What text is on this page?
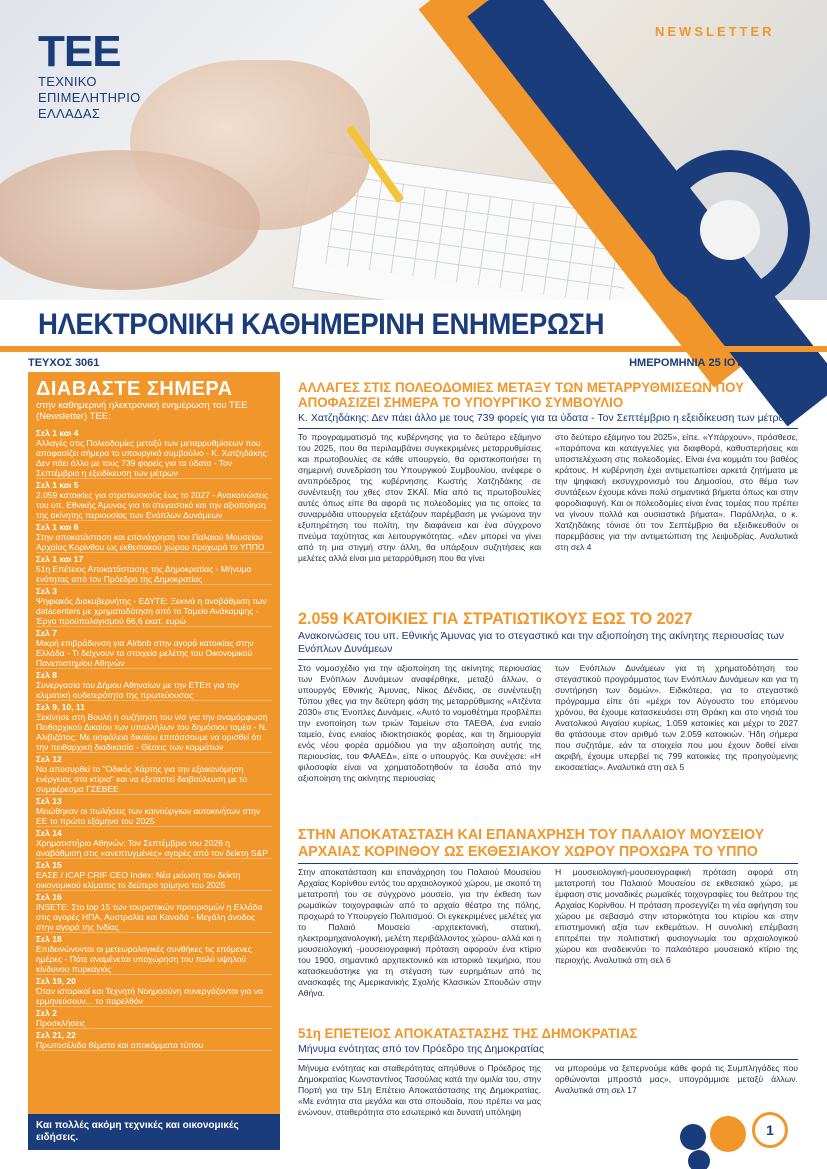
NEWSLETTER
TEE
ΤΕΧΝΙΚΟ
ΕΠΙΜΕΛΗΤΗΡΙΟ
ΕΛΛΑΔΑΣ
ΗΛΕΚΤΡΟΝΙΚΗ ΚΑΘΗΜΕΡΙΝΗ ΕΝΗΜΕΡΩΣΗ
ΤΕΥΧΟΣ 3061	ΗΜΕΡΟΜΗΝΙΑ 25 ΙΟΥΛΙΟΥ 2025
ΔΙΑΒΑΣΤΕ ΣΗΜΕΡΑ
στην καθημερινή ηλεκτρονική ενημέρωση του ΤΕΕ (Newsletter) ΤΕΕ:
Σελ 1 και 4
Αλλαγές στις Πολεοδομίες μεταξύ των μεταρρυθμίσεων που αποφασίζει σήμερα το υπουργικό συμβούλιο - Κ. Χατζηδάκης: Δεν πάει άλλο με τους 739 φορείς για τα ύδατα - Τον Σεπτέμβριο η εξειδίκευση των μέτρων
Σελ 1 και 5
2.059 κατοικίες για στρατιωτικούς έως το 2027 - Ανακοινώσεις του υπ. Εθνικής Άμυνας για το στεγαστικό και την αξιοποίηση της ακίνητης περιουσίας των Ενόπλων Δυνάμεων
Σελ 1 και 6
Στην αποκατάσταση και επανάχρηση του Παλαιού Μουσείου Αρχαίας Κορίνθου ως εκθεσιακού χώρου προχωρά το ΥΠΠΟ
Σελ 1 και 17
51η Επέτειος Αποκατάστασης της Δημοκρατίας - Μήνυμα ενότητας από τον Πρόεδρο της Δημοκρατίας
Σελ 3
Ψηφιακός Διακυβερνήτης - ΕΔΥΤΕ: Ξεκινά η αναβάθμιση των datacenters με χρηματοδότηση από το Ταμείο Ανάκαμψης - Έργο προϋπολογισμού 66,6 εκατ. ευρώ
Σελ 7
Μικρή επιβράδυνση για Airbnb στην αγορά κατοικίας στην Ελλάδα - Τι δείχνουν τα στοιχεία μελέτης του Οικονομικού Πανεπιστημίου Αθηνών
Σελ 8
Συνεργασία του Δήμου Αθηναίων με την ΕΤΕπ για την κλιματική ουδετερότητα της πρωτεύουσας
Σελ 9, 10, 11
Ξεκίνησε στη Βουλή η συζήτηση του ν/σ για την αναμόρφωση Πειθαρχικού Δικαίου των υπαλλήλων του δημόσιου τομέα - Ν. Αλιβιζάτος: Με ασφάλεια δικαίου επιτάσσουμε να ορισθεί ότι την πειθαρχική διαδικασία - Θέσεις των κομμάτων
Σελ 12
Να αποσυρθεί το "Οδικός Χάρτης για την εξοικονόμηση ενέργειας στα κτίρια" και να εξεταστεί διαβούλευση με το συμφέρεσμα ΓΣΕΒΕΕ
Σελ 13
Μειώθηκαν οι πωλήσεις των καινούργιων αυτοκινήτων στην ΕΕ το πρώτο εξάμηνο του 2025
Σελ 14
Χρηματιστήριο Αθηνών: Τον Σεπτέμβριο του 2026 η αναβάθμιση στις «ανεπτυγμένες» αγορές από τον δείκτη S&P
Σελ 15
ΕΑΣΕ / ICAP CRIF CEO Index: Νέα μείωση του δείκτη οικονομικού κλίματος το δεύτερο τρίμηνο του 2025
Σελ 16
INSETE: Στο top 15 των τουριστικών προορισμών η Ελλάδα στις αγορές ΗΠΑ, Αυστραλία και Καναδά - Μεγάλη άνοδος στην αγορά της Ινδίας
Σελ 18
Επιδεινώνονται οι μετεωρολογικές συνθήκες τις επόμενες ημέρες - Πότε αναμένεται υποχώρηση του πολύ υψηλού κίνδυνου πυρκαγιάς
Σελ 19, 20
Όταν ιστορικοί και Τεχνητή Νοημοσύνη συνεργάζονται για να ερμηνεύσουν... το παρελθόν
Σελ 2
Προσκλήσεις
Σελ 21, 22
Πρωτοσέλιδα θέματα και αποκόμματα τύπου
Και πολλές ακόμη τεχνικές και οικονομικές ειδήσεις.
ΑΛΛΑΓΕΣ ΣΤΙΣ ΠΟΛΕΟΔΟΜΙΕΣ ΜΕΤΑΞΥ ΤΩΝ ΜΕΤΑΡΡΥΘΜΙΣΕΩΝ ΠΟΥ ΑΠΟΦΑΣΙΖΕΙ ΣΗΜΕΡΑ ΤΟ ΥΠΟΥΡΓΙΚΟ ΣΥΜΒΟΥΛΙΟ
Κ. Χατζηδάκης: Δεν πάει άλλο με τους 739 φορείς για τα ύδατα - Τον Σεπτέμβριο η εξειδίκευση των μέτρων

Το προγραμματισμό της κυβέρνησης για το δεύτερο εξάμηνο του 2025, που θα περιλαμβάνει συγκεκριμένες μεταρρυθμίσεις και πρωτοβουλίες σε κάθε υπουργείο, θα οριστικοποιήσει τη σημερινή συνεδρίαση του Υπουργικού Συμβουλίου, ανέφερε ο αντιπρόεδρος της κυβέρνησης Κωστής Χατζηδάκης σε συνέντευξη του χθες στον ΣΚΑΪ. Μία από τις πρωτοβουλίες αυτές όπως είπε θα αφορά τις πολεοδομίες για τις οποίες τα συναρμόδια υπουργεία εξετάζουν παρέμβαση με γνώμονα την εξυπηρέτηση του πολίτη, την διαφάνεια και ένα σύγχρονο πνεύμα ταχύτητας και λειτουργικότητας. «Δεν μπορεί να γίνει από τη μια στιγμή στην άλλη, θα υπάρξουν συζητήσεις και μελέτες αλλά είναι μια μεταρρύθμιση που θα γίνει

στο δεύτερο εξάμηνο του 2025», είπε. «Υπάρχουν», πρόσθεσε, «παράπονα και καταγγελίες για διαφθορά, καθυστερήσεις και υποστελέχωση στις πολεοδομίες. Είναι ένα κομμάτι του βαθέος κράτους. Η κυβέρνηση έχει αντιμετωπίσει αρκετά ζητήματα με την ψηφιακή εκσυγχρονισμό του Δημοσίου, στο θέμα των συντάξεων έχουμε κάνει πολύ σημαντικά βήματα όπως και στην φοροδιαφυγή. Και οι πολεοδομίες είναι ένας τομέας που πρέπει να γίνουν πολλά και ουσιαστικά βήματα». Παράλληλα, ο κ. Χατζηδάκης τόνισε ότι τον Σεπτέμβριο θα εξειδικευθούν οι παρεμβάσεις για την αντιμετώπιση της λειψυδρίας. Αναλυτικά στη σελ 4

2.059 ΚΑΤΟΙΚΙΕΣ ΓΙΑ ΣΤΡΑΤΙΩΤΙΚΟΥΣ ΕΩΣ ΤΟ 2027
Ανακοινώσεις του υπ. Εθνικής Άμυνας για το στεγαστικό και την αξιοποίηση της ακίνητης περιουσίας των Ενόπλων Δυνάμεων

Στο νομοσχέδιο για την αξιοποίηση της ακίνητης περιουσίας των Ενόπλων Δυνάμεων αναφέρθηκε, μεταξύ άλλων, ο υπουργός Εθνικής Άμυνας, Νίκος Δένδιας, σε συνέντευξη Τύπου χθες για την δεύτερη φάση της μεταρρύθμισης «Ατζέντα 2030» στις Ένοπλες Δυνάμεις. «Αυτό το νομοθέτημα προβλέπει την ενοποίηση των τριών Ταμείων στο ΤΑΕΘΑ, ένα ενιαίο ταμείο, ένας ενιαίος ιδιοκτησιακός φορέας, και τη δημιουργία ενός νέου φορέα αρμόδιου για την αξιοποίηση αυτής της περιουσίας, του ΦΑΑΕΔ», είπε ο υπουργός. Και συνέχισε: «Η φιλοσοφία είναι να χρηματοδοτηθούν τα έσοδα από την αξιοποίηση της ακίνητης περιουσίας

των Ενόπλων Δυνάμεων για τη χρηματοδότηση του στεγαστικού προγράμματος των Ενόπλων Δυνάμεων και για τη συντήρηση των δομών». Ειδικότερα, για το στεγαστικό πρόγραμμα είπε ότι «μέχρι τον Αύγουστο του επόμενου χρόνου, θα έχουμε κατασκευάσει στη Θράκη και στο νησιά του Ανατολικού Αιγαίου κυρίως, 1.059 κατοικίες και μέχρι το 2027 θα φτάσουμε στον αριθμό των 2.059 κατοικιών. Ήδη σήμερα που συζητάμε, εάν τα στοιχεία που μου έχουν δοθεί είναι ακριβή, έχουμε υπερβεί τις 799 κατοικίες της προηγούμενης εικοσαετίας». Αναλυτικά στη σελ 5

ΣΤΗΝ ΑΠΟΚΑΤΑΣΤΑΣΗ ΚΑΙ ΕΠΑΝΑΧΡΗΣΗ ΤΟΥ ΠΑΛΑΙΟΥ ΜΟΥΣΕΙΟΥ ΑΡΧΑΙΑΣ ΚΟΡΙΝΘΟΥ ΩΣ ΕΚΘΕΣΙΑΚΟΥ ΧΩΡΟΥ ΠΡΟΧΩΡΑ ΤΟ ΥΠΠΟ

Στην αποκατάσταση και επανάχρηση του Παλαιού Μουσείου Αρχαίας Κορίνθου εντός του αρχαιολογικού χώρου, με σκοπό τη μετατροπή του σε σύγχρονο μουσείο, για την έκθεση των ρωμαϊκών τοιχογραφιών από το αρχαίο θέατρο της πόλης, προχωρά το Υπουργείο Πολιτισμού. Οι εγκεκριμένες μελέτες για το Παλαιό Μουσείο -αρχιτεκτονική, στατική, ηλεκτρομηχανολογική, μελέτη περιβάλλοντος χώρου- αλλά και η μουσειολογική -μουσειογραφική πρόταση αφορούν ένα κτίριο του 1900, σημαντικό αρχιτεκτονικό και ιστορικό τεκμήριο, που κατασκευάστηκε για τη στέγαση των ευρημάτων από τις ανασκαφές της Αμερικανικής Σχολής Κλασικών Σπουδών στην Αθήνα.

Η μουσειολογική-μουσειογραφική πρόταση αφορά στη μετατροπή του Παλαιού Μουσείου σε εκθεσιακό χώρο, με έμφαση στις μοναδικές ρωμαϊκές τοιχογραφίες του θεάτρου της Αρχαίας Κορίνθου. Η πρόταση προσεγγίζει τη νέα αφήγηση του χώρου με σεβασμό στην ιστορικότητα του κτιρίου και στην επιστημονική αξία των εκθεμάτων. Η συνολική επέμβαση επιτρέπει την πολιτιστική φυσιογνωμία του αρχαιολογικού χώρου και αναδεικνύει το παλαιότερο μουσειακό κτίριο της περιοχής. Αναλυτικά στη σελ 6

51η ΕΠΕΤΕΙΟΣ ΑΠΟΚΑΤΑΣΤΑΣΗΣ ΤΗΣ ΔΗΜΟΚΡΑΤΙΑΣ
Μήνυμα ενότητας από τον Πρόεδρο της Δημοκρατίας

Μήνυμα ενότητας και σταθερότητας απηύθυνε ο Πρόεδρος της Δημοκρατίας Κωνσταντίνος Τασούλας κατά την ομιλία του, στην Πορτή για την 51η Επέτειο Αποκατάστασης της Δημοκρατίας. «Με ενότητα στα μεγάλα και στα σπουδαία, που πρέπει να μας ενώνουν, σταθερότητα στο εσωτερικό και δυνατή υπόληψη

να μπορούμε να ξεπερνούμε κάθε φορά τις Συμπληγάδες που ορθώνονται μπροστά μας», υπογράμμισε μεταξύ άλλων. Αναλυτικά στη σελ 17

1
